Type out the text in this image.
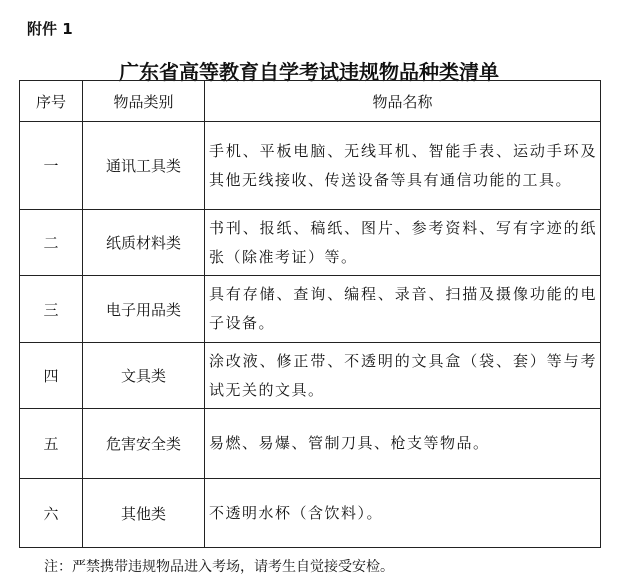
附件 1
广东省高等教育自学考试违规物品种类清单
序号	物品类别	物品名称
一	通讯工具类	手机、平板电脑、无线耳机、智能手表、运动手环及其他无线接收、传送设备等具有通信功能的工具。
二	纸质材料类	书刊、报纸、稿纸、图片、参考资料、写有字迹的纸张（除准考证）等。
三	电子用品类	具有存储、查询、编程、录音、扫描及摄像功能的电子设备。
四	文具类	涂改液、修正带、不透明的文具盒（袋、套）等与考试无关的文具。
五	危害安全类	易燃、易爆、管制刀具、枪支等物品。
六	其他类	不透明水杯（含饮料）。
注：严禁携带违规物品进入考场，请考生自觉接受安检。
